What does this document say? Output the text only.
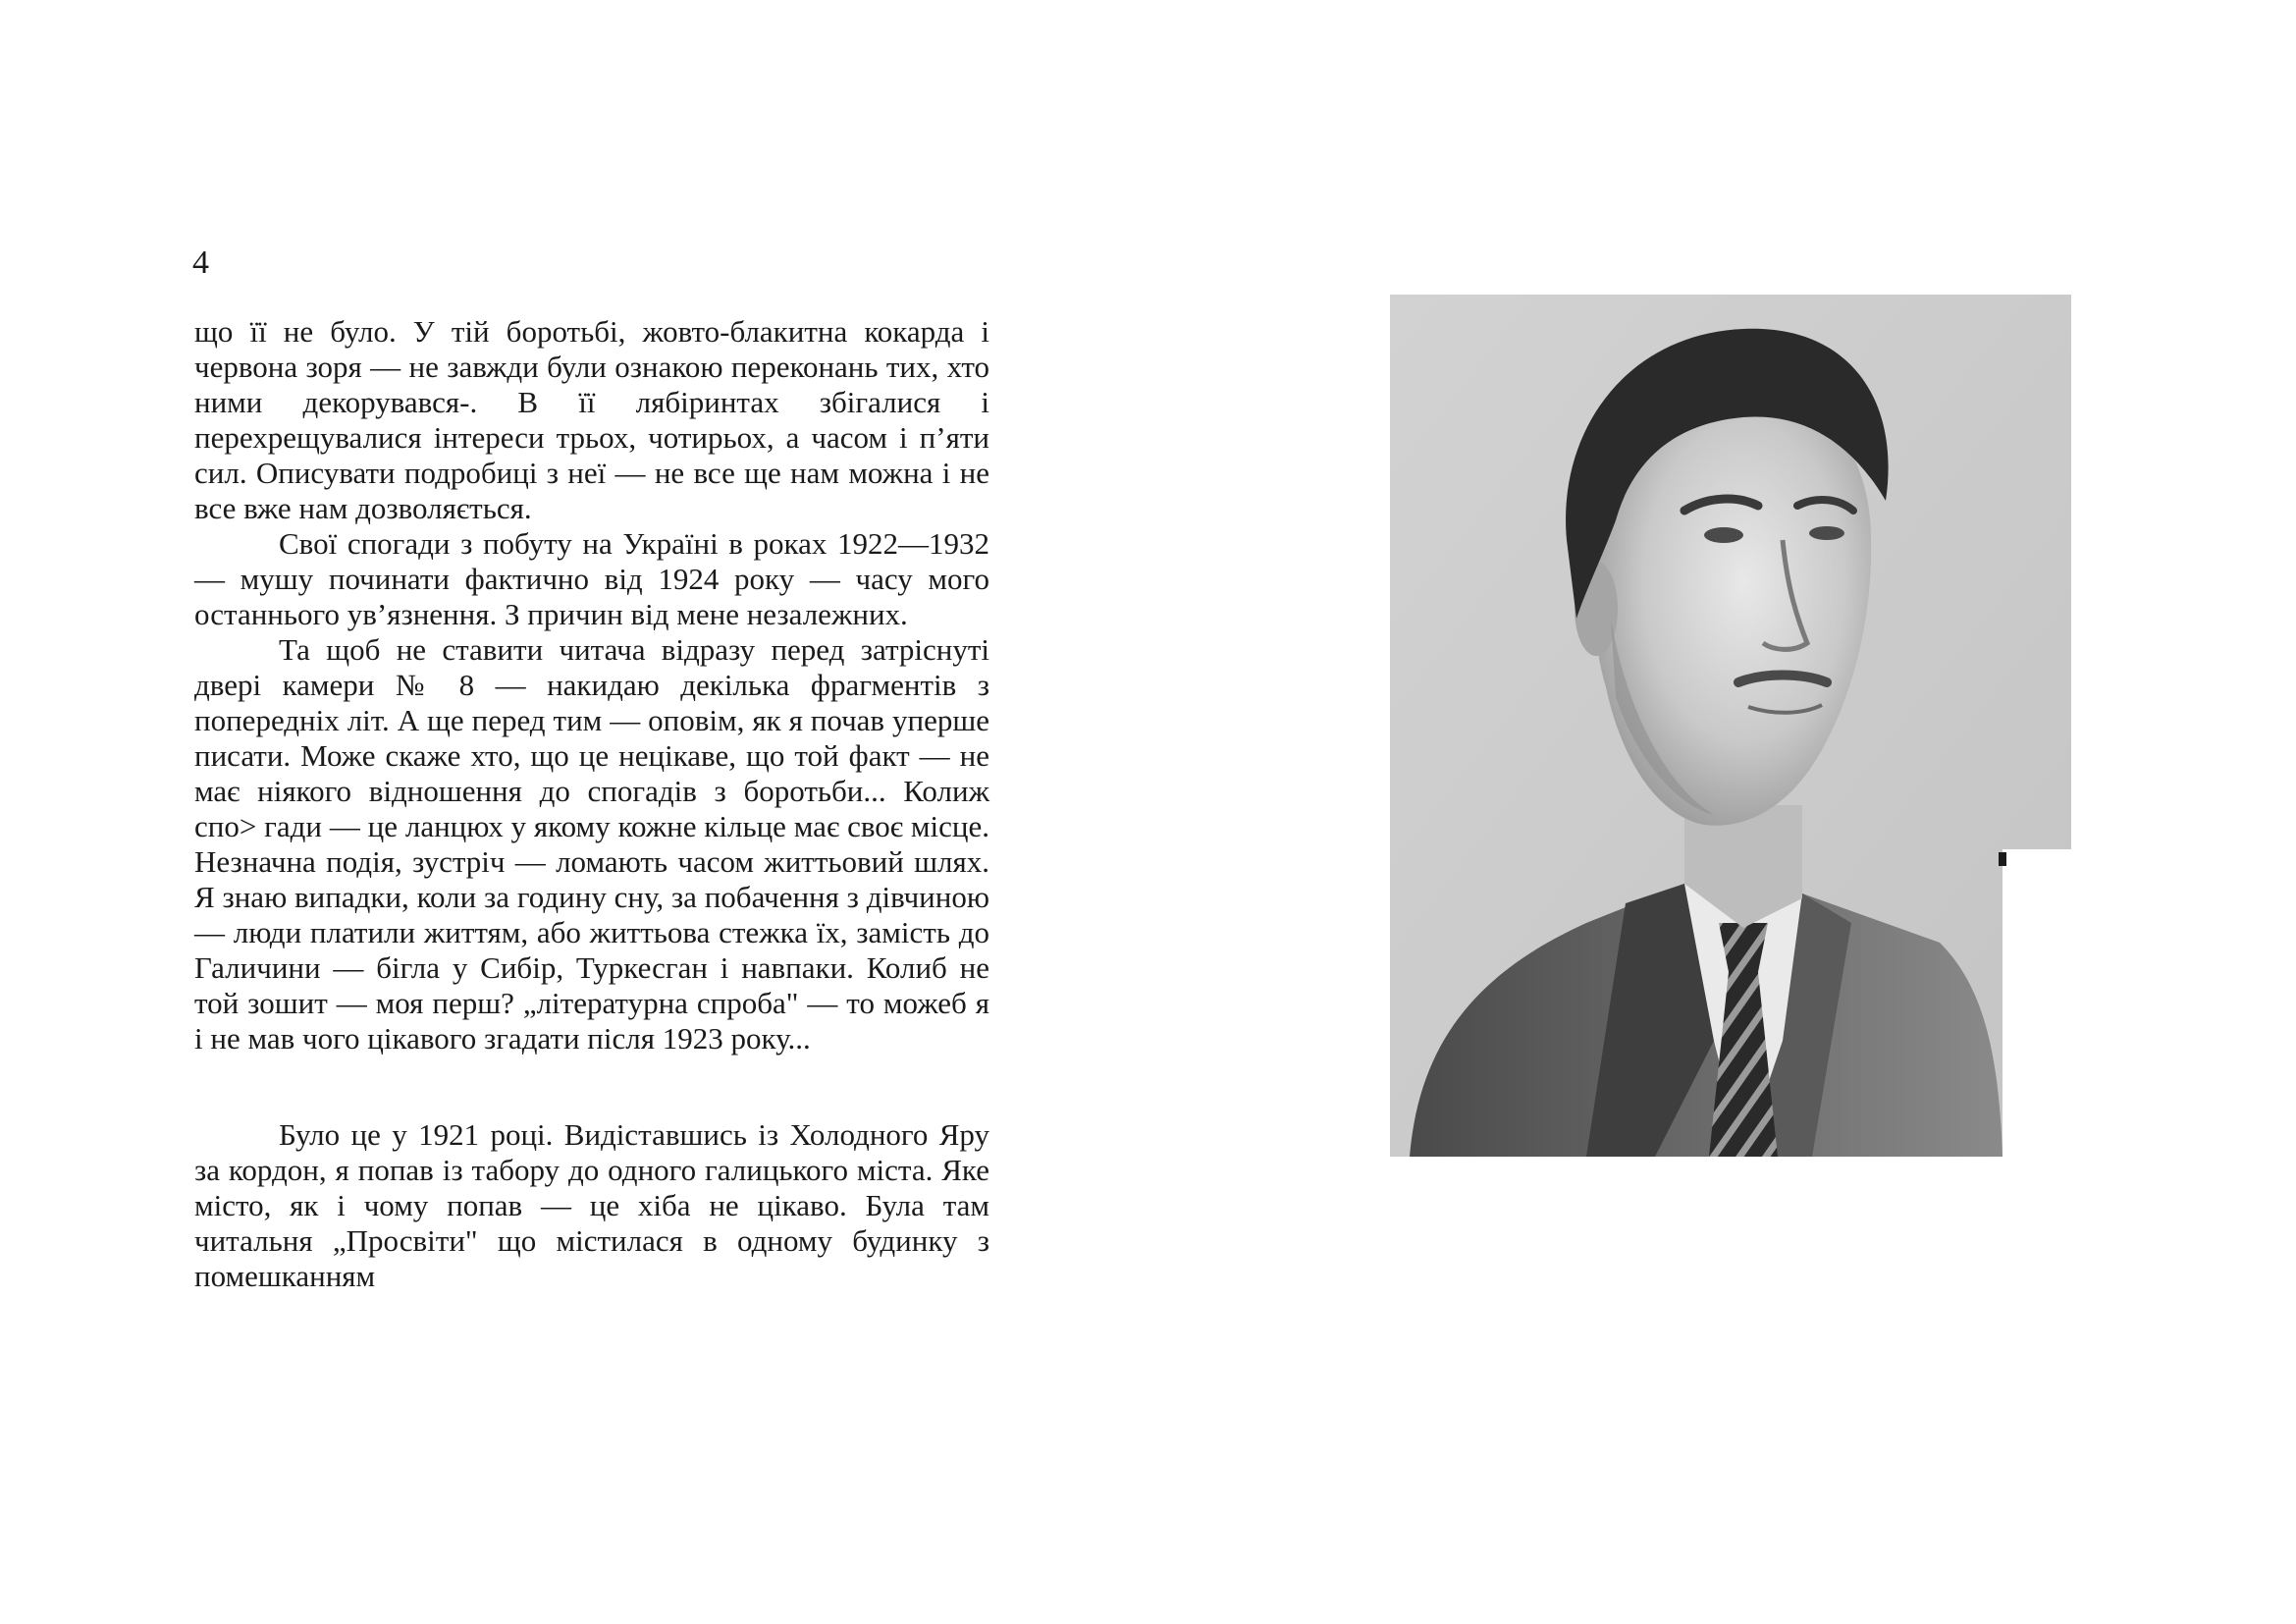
4

що її не було. У тій боротьбі, жовто-блакитна кокарда і червона зоря — не завжди були ознакою переконань тих, хто ними декорувався-. В її лябіринтах збігалися і перехрещувалися інтереси трьох, чотирьох, а часом і п’яти сил. Описувати подробиці з неї — не все ще нам можна і не все вже нам дозволяється.

Свої спогади з побуту на Україні в роках 1922—1932 — мушу починати фактично від 1924 року — часу мого останнього ув’язнення. З причин від мене незалежних.

Та щоб не ставити читача відразу перед затріснуті двері камери № 8 — накидаю декілька фрагментів з попередніх літ. А ще перед тим — оповім, як я почав уперше писати. Може скаже хто, що це нецікаве, що той факт — не має ніякого відношення до спогадів з боротьби... Колиж спо> гади — це ланцюх у якому кожне кільце має своє місце. Незначна подія, зустріч — ломають часом життьовий шлях. Я знаю випадки, коли за годину сну, за побачення з дівчиною — люди платили життям, або життьова стежка їх, замість до Галичини — бігла у Сибір, Туркесган і навпаки. Колиб не той зошит — моя перш? „літературна спроба" — то можеб я і не мав чого цікавого згадати після 1923 року...

Було це у 1921 році. Видіставшись із Холодного Яру за кордон, я попав із табору до одного галицького міста. Яке місто, як і чому попав — це хіба не цікаво. Була там читальня „Просвіти" що містилася в одному будинку з помешканням
